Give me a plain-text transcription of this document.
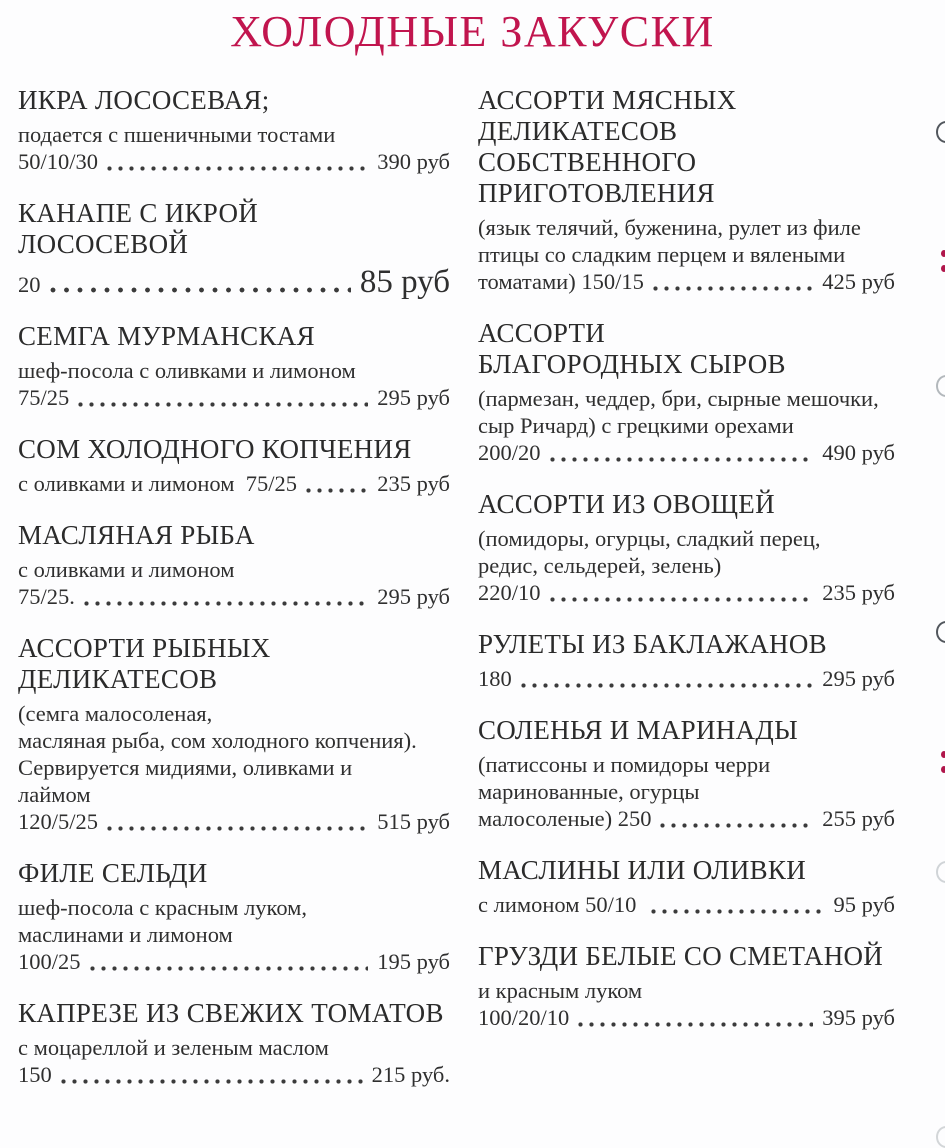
ХОЛОДНЫЕ ЗАКУСКИ
ИКРА ЛОСОСЕВАЯ;
подается с пшеничными тостами
50/10/30	390 руб
КАНАПЕ С ИКРОЙ
ЛОСОСЕВОЙ
20	85 руб
СЕМГА МУРМАНСКАЯ
шеф-посола с оливками и лимоном
75/25	295 руб
СОМ ХОЛОДНОГО КОПЧЕНИЯ
с оливками и лимоном  75/25	235 руб
МАСЛЯНАЯ РЫБА
с оливками и лимоном
75/25.	295 руб
АССОРТИ РЫБНЫХ
ДЕЛИКАТЕСОВ
(семга малосоленая,
масляная рыба, сом холодного копчения).
Сервируется мидиями, оливками и
лаймом
120/5/25	515 руб
ФИЛЕ СЕЛЬДИ
шеф-посола с красным луком,
маслинами и лимоном
100/25	195 руб
КАПРЕЗЕ ИЗ СВЕЖИХ ТОМАТОВ
с моцареллой и зеленым маслом
150	215 руб.
АССОРТИ МЯСНЫХ
ДЕЛИКАТЕСОВ
СОБСТВЕННОГО
ПРИГОТОВЛЕНИЯ
(язык телячий, буженина, рулет из филе
птицы со сладким перцем и вялеными
томатами) 150/15	425 руб
АССОРТИ
БЛАГОРОДНЫХ СЫРОВ
(пармезан, чеддер, бри, сырные мешочки,
сыр Ричард) с грецкими орехами
200/20	490 руб
АССОРТИ ИЗ ОВОЩЕЙ
(помидоры, огурцы, сладкий перец,
редис, сельдерей, зелень)
220/10	235 руб
РУЛЕТЫ ИЗ БАКЛАЖАНОВ
180	295 руб
СОЛЕНЬЯ И МАРИНАДЫ
(патиссоны и помидоры черри
маринованные, огурцы
малосоленые) 250	255 руб
МАСЛИНЫ ИЛИ ОЛИВКИ
с лимоном 50/10	95 руб
ГРУЗДИ БЕЛЫЕ СО СМЕТАНОЙ
и красным луком
100/20/10	395 руб
